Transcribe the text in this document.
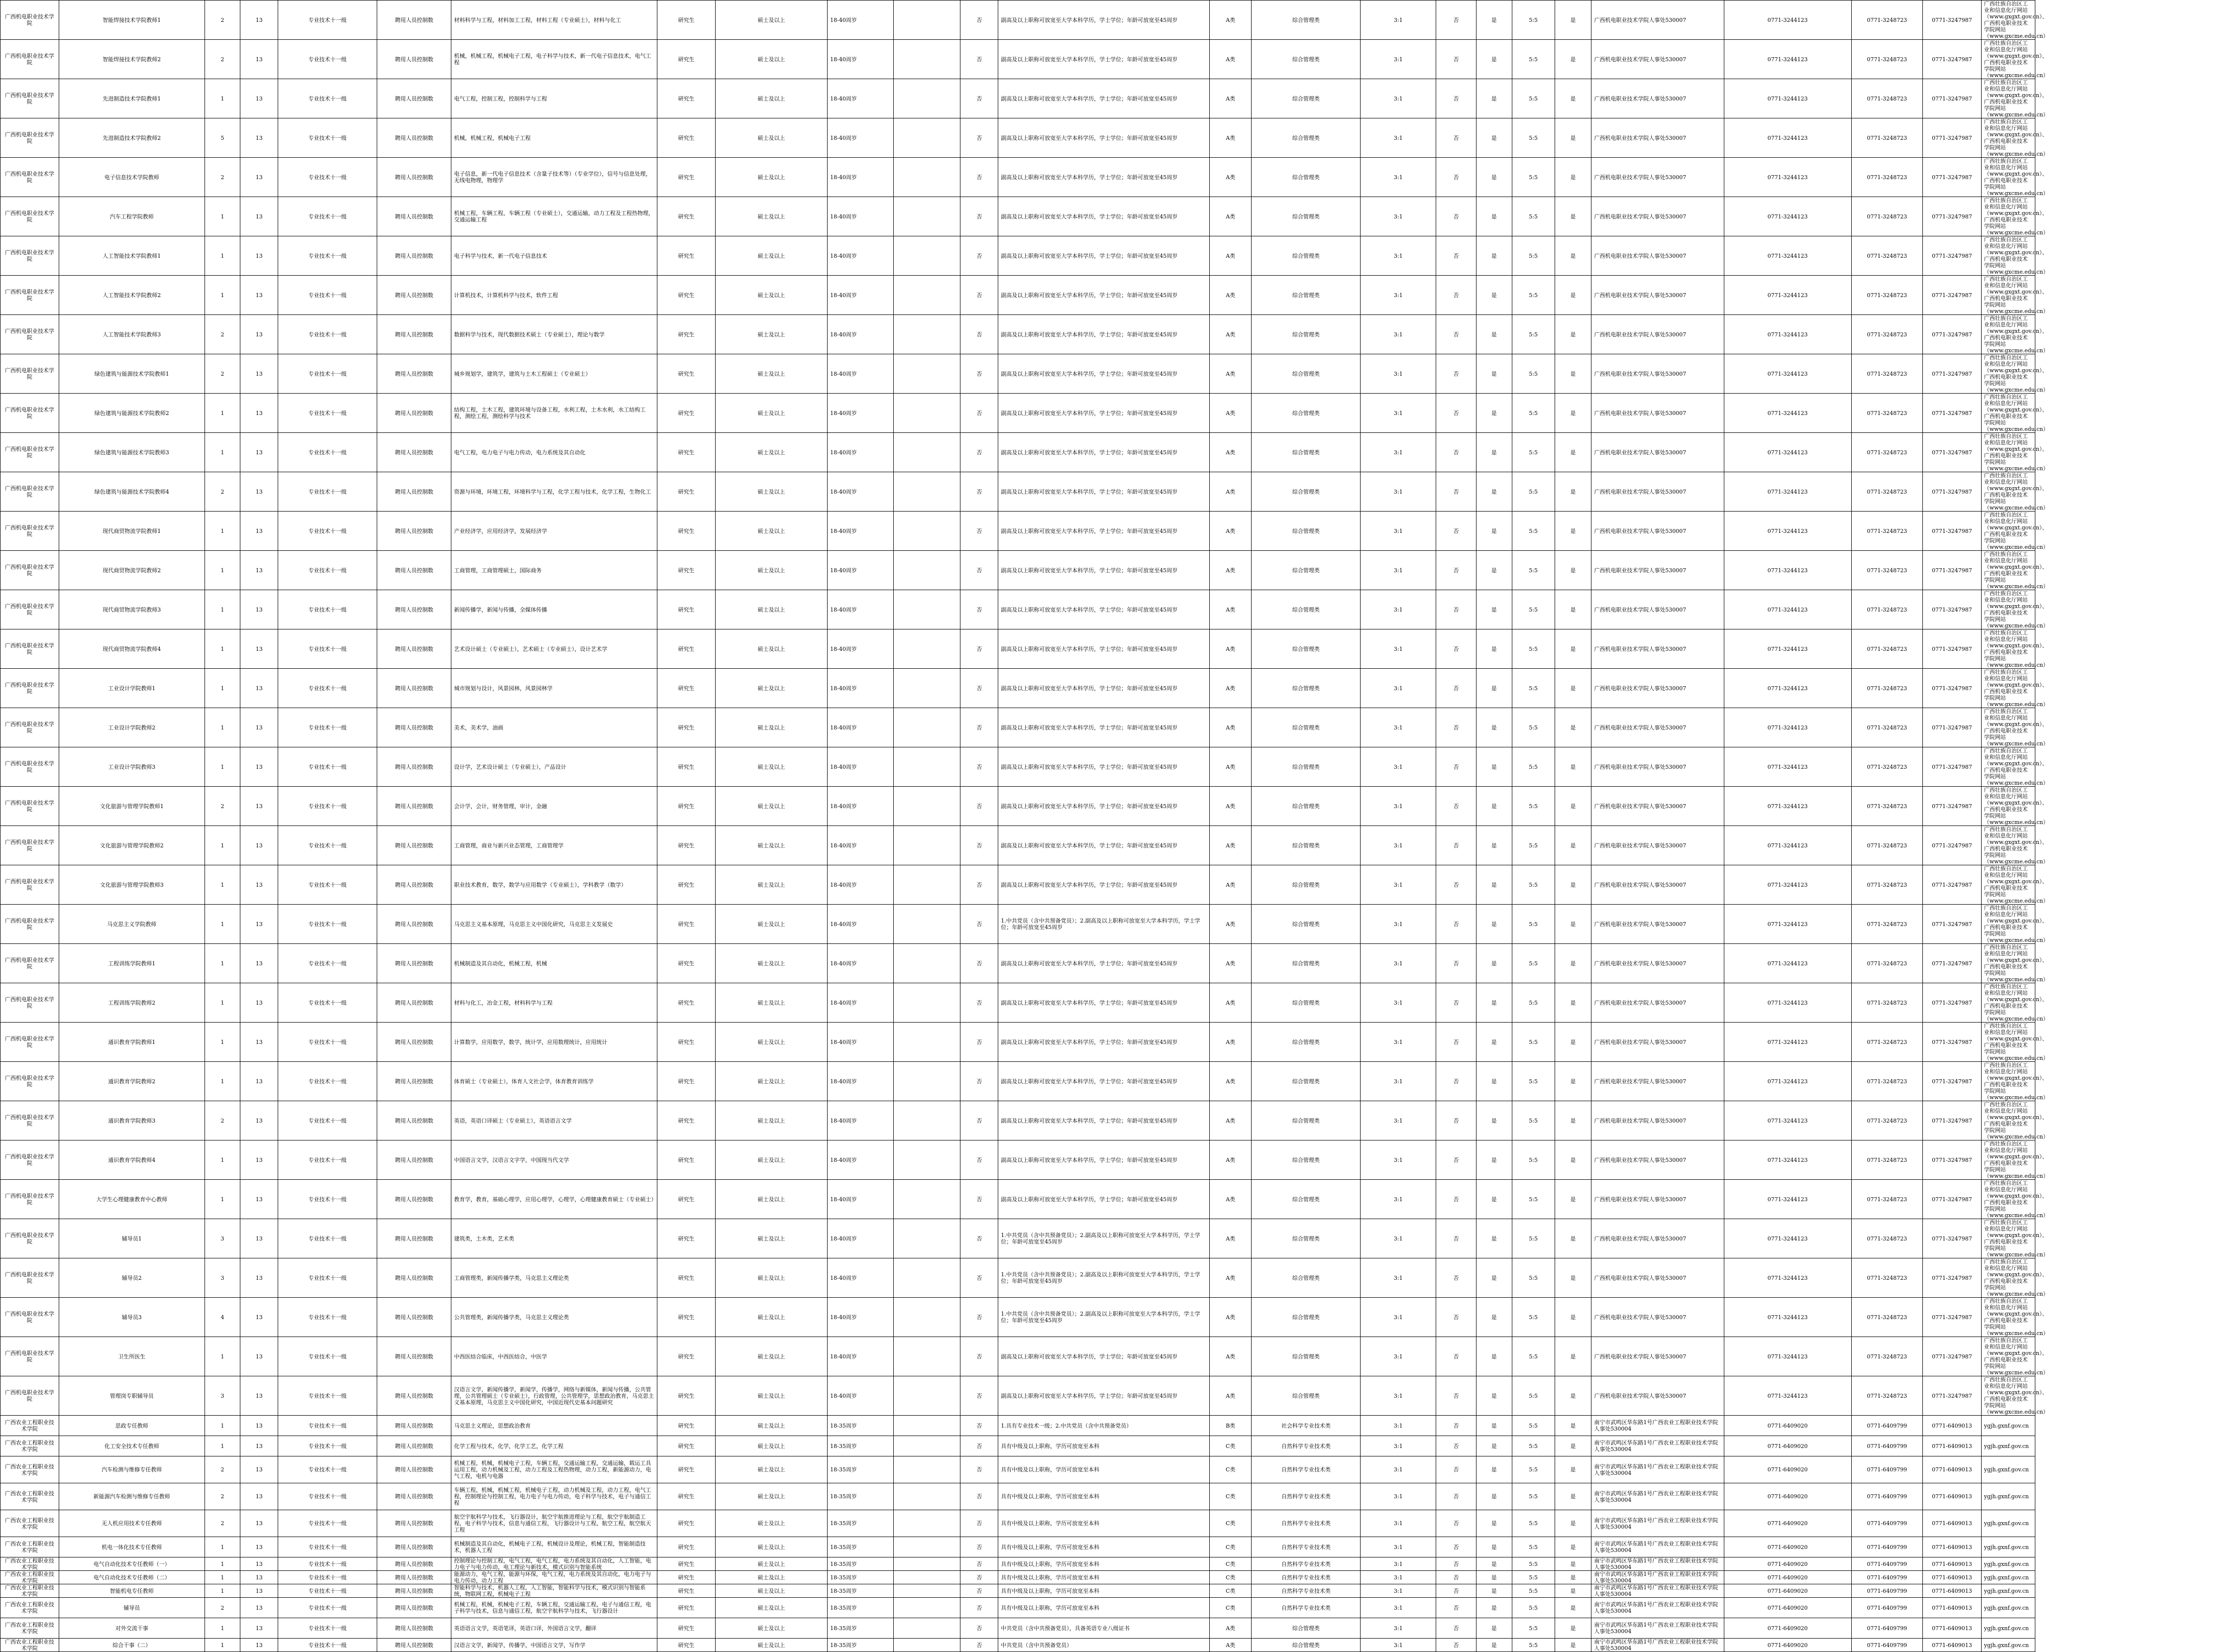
广西机电职业技术学院	智能焊接技术学院教师1	2	13	专业技术十一级	聘用人员控制数	材料科学与工程，材料加工工程，材料工程（专业硕士），材料与化工	研究生	硕士及以上	18-40周岁		否	副高及以上职称可放宽至大学本科学历，学士学位；年龄可放宽至45周岁	A类	综合管理类	3:1	否	是	5:5	是	广西机电职业技术学院人事处530007	0771-3244123	0771-3248723	0771-3247987	广西壮族自治区工业和信息化厅网站（www.gxgxt.gov.cn）、广西机电职业技术学院网站（www.gxcme.edu.cn）
广西机电职业技术学院	智能焊接技术学院教师2	2	13	专业技术十一级	聘用人员控制数	机械，机械工程，机械电子工程，电子科学与技术，新一代电子信息技术，电气工程	研究生	硕士及以上	18-40周岁		否	副高及以上职称可放宽至大学本科学历，学士学位；年龄可放宽至45周岁	A类	综合管理类	3:1	否	是	5:5	是	广西机电职业技术学院人事处530007	0771-3244123	0771-3248723	0771-3247987	广西壮族自治区工业和信息化厅网站（www.gxgxt.gov.cn）、广西机电职业技术学院网站（www.gxcme.edu.cn）
广西机电职业技术学院	先进制造技术学院教师1	1	13	专业技术十一级	聘用人员控制数	电气工程，控制工程，控制科学与工程	研究生	硕士及以上	18-40周岁		否	副高及以上职称可放宽至大学本科学历，学士学位；年龄可放宽至45周岁	A类	综合管理类	3:1	否	是	5:5	是	广西机电职业技术学院人事处530007	0771-3244123	0771-3248723	0771-3247987	广西壮族自治区工业和信息化厅网站（www.gxgxt.gov.cn）、广西机电职业技术学院网站（www.gxcme.edu.cn）
广西机电职业技术学院	先进制造技术学院教师2	5	13	专业技术十一级	聘用人员控制数	机械，机械工程，机械电子工程	研究生	硕士及以上	18-40周岁		否	副高及以上职称可放宽至大学本科学历，学士学位；年龄可放宽至45周岁	A类	综合管理类	3:1	否	是	5:5	是	广西机电职业技术学院人事处530007	0771-3244123	0771-3248723	0771-3247987	广西壮族自治区工业和信息化厅网站（www.gxgxt.gov.cn）、广西机电职业技术学院网站（www.gxcme.edu.cn）
广西机电职业技术学院	电子信息技术学院教师	2	13	专业技术十一级	聘用人员控制数	电子信息，新一代电子信息技术（含量子技术等）（专业学位），信号与信息处理，无线电物理，物理学	研究生	硕士及以上	18-40周岁		否	副高及以上职称可放宽至大学本科学历，学士学位；年龄可放宽至45周岁	A类	综合管理类	3:1	否	是	5:5	是	广西机电职业技术学院人事处530007	0771-3244123	0771-3248723	0771-3247987	广西壮族自治区工业和信息化厅网站（www.gxgxt.gov.cn）、广西机电职业技术学院网站（www.gxcme.edu.cn）
广西机电职业技术学院	汽车工程学院教师	1	13	专业技术十一级	聘用人员控制数	机械工程，车辆工程，车辆工程（专业硕士），交通运输，动力工程及工程热物理，交通运输工程	研究生	硕士及以上	18-40周岁		否	副高及以上职称可放宽至大学本科学历，学士学位；年龄可放宽至45周岁	A类	综合管理类	3:1	否	是	5:5	是	广西机电职业技术学院人事处530007	0771-3244123	0771-3248723	0771-3247987	广西壮族自治区工业和信息化厅网站（www.gxgxt.gov.cn）、广西机电职业技术学院网站（www.gxcme.edu.cn）
广西机电职业技术学院	人工智能技术学院教师1	1	13	专业技术十一级	聘用人员控制数	电子科学与技术，新一代电子信息技术	研究生	硕士及以上	18-40周岁		否	副高及以上职称可放宽至大学本科学历，学士学位；年龄可放宽至45周岁	A类	综合管理类	3:1	否	是	5:5	是	广西机电职业技术学院人事处530007	0771-3244123	0771-3248723	0771-3247987	广西壮族自治区工业和信息化厅网站（www.gxgxt.gov.cn）、广西机电职业技术学院网站（www.gxcme.edu.cn）
广西机电职业技术学院	人工智能技术学院教师2	1	13	专业技术十一级	聘用人员控制数	计算机技术，计算机科学与技术，软件工程	研究生	硕士及以上	18-40周岁		否	副高及以上职称可放宽至大学本科学历，学士学位；年龄可放宽至45周岁	A类	综合管理类	3:1	否	是	5:5	是	广西机电职业技术学院人事处530007	0771-3244123	0771-3248723	0771-3247987	广西壮族自治区工业和信息化厅网站（www.gxgxt.gov.cn）、广西机电职业技术学院网站（www.gxcme.edu.cn）
广西机电职业技术学院	人工智能技术学院教师3	2	13	专业技术十一级	聘用人员控制数	数据科学与技术，现代数据技术硕士（专业硕士），理论与数学	研究生	硕士及以上	18-40周岁		否	副高及以上职称可放宽至大学本科学历，学士学位；年龄可放宽至45周岁	A类	综合管理类	3:1	否	是	5:5	是	广西机电职业技术学院人事处530007	0771-3244123	0771-3248723	0771-3247987	广西壮族自治区工业和信息化厅网站（www.gxgxt.gov.cn）、广西机电职业技术学院网站（www.gxcme.edu.cn）
广西机电职业技术学院	绿色建筑与能源技术学院教师1	2	13	专业技术十一级	聘用人员控制数	城乡规划学，建筑学，建筑与土木工程硕士（专业硕士）	研究生	硕士及以上	18-40周岁		否	副高及以上职称可放宽至大学本科学历，学士学位；年龄可放宽至45周岁	A类	综合管理类	3:1	否	是	5:5	是	广西机电职业技术学院人事处530007	0771-3244123	0771-3248723	0771-3247987	广西壮族自治区工业和信息化厅网站（www.gxgxt.gov.cn）、广西机电职业技术学院网站（www.gxcme.edu.cn）
广西机电职业技术学院	绿色建筑与能源技术学院教师2	1	13	专业技术十一级	聘用人员控制数	结构工程，土木工程，建筑环境与设备工程，水利工程，土木水利，水工结构工程，测绘工程，测绘科学与技术	研究生	硕士及以上	18-40周岁		否	副高及以上职称可放宽至大学本科学历，学士学位；年龄可放宽至45周岁	A类	综合管理类	3:1	否	是	5:5	是	广西机电职业技术学院人事处530007	0771-3244123	0771-3248723	0771-3247987	广西壮族自治区工业和信息化厅网站（www.gxgxt.gov.cn）、广西机电职业技术学院网站（www.gxcme.edu.cn）
广西机电职业技术学院	绿色建筑与能源技术学院教师3	1	13	专业技术十一级	聘用人员控制数	电气工程，电力电子与电力传动，电力系统及其自动化	研究生	硕士及以上	18-40周岁		否	副高及以上职称可放宽至大学本科学历，学士学位；年龄可放宽至45周岁	A类	综合管理类	3:1	否	是	5:5	是	广西机电职业技术学院人事处530007	0771-3244123	0771-3248723	0771-3247987	广西壮族自治区工业和信息化厅网站（www.gxgxt.gov.cn）、广西机电职业技术学院网站（www.gxcme.edu.cn）
广西机电职业技术学院	绿色建筑与能源技术学院教师4	2	13	专业技术十一级	聘用人员控制数	资源与环境，环境工程，环境科学与工程，化学工程与技术，化学工程，生物化工	研究生	硕士及以上	18-40周岁		否	副高及以上职称可放宽至大学本科学历，学士学位；年龄可放宽至45周岁	A类	综合管理类	3:1	否	是	5:5	是	广西机电职业技术学院人事处530007	0771-3244123	0771-3248723	0771-3247987	广西壮族自治区工业和信息化厅网站（www.gxgxt.gov.cn）、广西机电职业技术学院网站（www.gxcme.edu.cn）
广西机电职业技术学院	现代商贸物流学院教师1	1	13	专业技术十一级	聘用人员控制数	产业经济学，应用经济学，发展经济学	研究生	硕士及以上	18-40周岁		否	副高及以上职称可放宽至大学本科学历，学士学位；年龄可放宽至45周岁	A类	综合管理类	3:1	否	是	5:5	是	广西机电职业技术学院人事处530007	0771-3244123	0771-3248723	0771-3247987	广西壮族自治区工业和信息化厅网站（www.gxgxt.gov.cn）、广西机电职业技术学院网站（www.gxcme.edu.cn）
广西机电职业技术学院	现代商贸物流学院教师2	1	13	专业技术十一级	聘用人员控制数	工商管理，工商管理硕士，国际商务	研究生	硕士及以上	18-40周岁		否	副高及以上职称可放宽至大学本科学历，学士学位；年龄可放宽至45周岁	A类	综合管理类	3:1	否	是	5:5	是	广西机电职业技术学院人事处530007	0771-3244123	0771-3248723	0771-3247987	广西壮族自治区工业和信息化厅网站（www.gxgxt.gov.cn）、广西机电职业技术学院网站（www.gxcme.edu.cn）
广西机电职业技术学院	现代商贸物流学院教师3	1	13	专业技术十一级	聘用人员控制数	新闻传播学，新闻与传播，全媒体传播	研究生	硕士及以上	18-40周岁		否	副高及以上职称可放宽至大学本科学历，学士学位；年龄可放宽至45周岁	A类	综合管理类	3:1	否	是	5:5	是	广西机电职业技术学院人事处530007	0771-3244123	0771-3248723	0771-3247987	广西壮族自治区工业和信息化厅网站（www.gxgxt.gov.cn）、广西机电职业技术学院网站（www.gxcme.edu.cn）
广西机电职业技术学院	现代商贸物流学院教师4	1	13	专业技术十一级	聘用人员控制数	艺术设计硕士（专业硕士），艺术硕士（专业硕士），设计艺术学	研究生	硕士及以上	18-40周岁		否	副高及以上职称可放宽至大学本科学历，学士学位；年龄可放宽至45周岁	A类	综合管理类	3:1	否	是	5:5	是	广西机电职业技术学院人事处530007	0771-3244123	0771-3248723	0771-3247987	广西壮族自治区工业和信息化厅网站（www.gxgxt.gov.cn）、广西机电职业技术学院网站（www.gxcme.edu.cn）
广西机电职业技术学院	工业设计学院教师1	1	13	专业技术十一级	聘用人员控制数	城市规划与设计，风景园林，风景园林学	研究生	硕士及以上	18-40周岁		否	副高及以上职称可放宽至大学本科学历，学士学位；年龄可放宽至45周岁	A类	综合管理类	3:1	否	是	5:5	是	广西机电职业技术学院人事处530007	0771-3244123	0771-3248723	0771-3247987	广西壮族自治区工业和信息化厅网站（www.gxgxt.gov.cn）、广西机电职业技术学院网站（www.gxcme.edu.cn）
广西机电职业技术学院	工业设计学院教师2	1	13	专业技术十一级	聘用人员控制数	美术，美术学，油画	研究生	硕士及以上	18-40周岁		否	副高及以上职称可放宽至大学本科学历，学士学位；年龄可放宽至45周岁	A类	综合管理类	3:1	否	是	5:5	是	广西机电职业技术学院人事处530007	0771-3244123	0771-3248723	0771-3247987	广西壮族自治区工业和信息化厅网站（www.gxgxt.gov.cn）、广西机电职业技术学院网站（www.gxcme.edu.cn）
广西机电职业技术学院	工业设计学院教师3	1	13	专业技术十一级	聘用人员控制数	设计学，艺术设计硕士（专业硕士），产品设计	研究生	硕士及以上	18-40周岁		否	副高及以上职称可放宽至大学本科学历，学士学位；年龄可放宽至45周岁	A类	综合管理类	3:1	否	是	5:5	是	广西机电职业技术学院人事处530007	0771-3244123	0771-3248723	0771-3247987	广西壮族自治区工业和信息化厅网站（www.gxgxt.gov.cn）、广西机电职业技术学院网站（www.gxcme.edu.cn）
广西机电职业技术学院	文化旅游与管理学院教师1	2	13	专业技术十一级	聘用人员控制数	会计学，会计，财务管理，审计，金融	研究生	硕士及以上	18-40周岁		否	副高及以上职称可放宽至大学本科学历，学士学位；年龄可放宽至45周岁	A类	综合管理类	3:1	否	是	5:5	是	广西机电职业技术学院人事处530007	0771-3244123	0771-3248723	0771-3247987	广西壮族自治区工业和信息化厅网站（www.gxgxt.gov.cn）、广西机电职业技术学院网站（www.gxcme.edu.cn）
广西机电职业技术学院	文化旅游与管理学院教师2	1	13	专业技术十一级	聘用人员控制数	工商管理，商业与新兴业态管理，工商管理学	研究生	硕士及以上	18-40周岁		否	副高及以上职称可放宽至大学本科学历，学士学位；年龄可放宽至45周岁	A类	综合管理类	3:1	否	是	5:5	是	广西机电职业技术学院人事处530007	0771-3244123	0771-3248723	0771-3247987	广西壮族自治区工业和信息化厅网站（www.gxgxt.gov.cn）、广西机电职业技术学院网站（www.gxcme.edu.cn）
广西机电职业技术学院	文化旅游与管理学院教师3	1	13	专业技术十一级	聘用人员控制数	职业技术教育，数学，数学与应用数学（专业硕士），学科教学（数学）	研究生	硕士及以上	18-40周岁		否	副高及以上职称可放宽至大学本科学历，学士学位；年龄可放宽至45周岁	A类	综合管理类	3:1	否	是	5:5	是	广西机电职业技术学院人事处530007	0771-3244123	0771-3248723	0771-3247987	广西壮族自治区工业和信息化厅网站（www.gxgxt.gov.cn）、广西机电职业技术学院网站（www.gxcme.edu.cn）
广西机电职业技术学院	马克思主义学院教师	1	13	专业技术十一级	聘用人员控制数	马克思主义基本原理，马克思主义中国化研究，马克思主义发展史	研究生	硕士及以上	18-40周岁		否	1.中共党员（含中共预备党员）；2.副高及以上职称可放宽至大学本科学历，学士学位；年龄可放宽至45周岁	A类	综合管理类	3:1	否	是	5:5	是	广西机电职业技术学院人事处530007	0771-3244123	0771-3248723	0771-3247987	广西壮族自治区工业和信息化厅网站（www.gxgxt.gov.cn）、广西机电职业技术学院网站（www.gxcme.edu.cn）
广西机电职业技术学院	工程训练学院教师1	1	13	专业技术十一级	聘用人员控制数	机械制造及其自动化，机械工程，机械	研究生	硕士及以上	18-40周岁		否	副高及以上职称可放宽至大学本科学历，学士学位；年龄可放宽至45周岁	A类	综合管理类	3:1	否	是	5:5	是	广西机电职业技术学院人事处530007	0771-3244123	0771-3248723	0771-3247987	广西壮族自治区工业和信息化厅网站（www.gxgxt.gov.cn）、广西机电职业技术学院网站（www.gxcme.edu.cn）
广西机电职业技术学院	工程训练学院教师2	1	13	专业技术十一级	聘用人员控制数	材料与化工，冶金工程，材料科学与工程	研究生	硕士及以上	18-40周岁		否	副高及以上职称可放宽至大学本科学历，学士学位；年龄可放宽至45周岁	A类	综合管理类	3:1	否	是	5:5	是	广西机电职业技术学院人事处530007	0771-3244123	0771-3248723	0771-3247987	广西壮族自治区工业和信息化厅网站（www.gxgxt.gov.cn）、广西机电职业技术学院网站（www.gxcme.edu.cn）
广西机电职业技术学院	通识教育学院教师1	1	13	专业技术十一级	聘用人员控制数	计算数学，应用数学，数学，统计学，应用数理统计，应用统计	研究生	硕士及以上	18-40周岁		否	副高及以上职称可放宽至大学本科学历，学士学位；年龄可放宽至45周岁	A类	综合管理类	3:1	否	是	5:5	是	广西机电职业技术学院人事处530007	0771-3244123	0771-3248723	0771-3247987	广西壮族自治区工业和信息化厅网站（www.gxgxt.gov.cn）、广西机电职业技术学院网站（www.gxcme.edu.cn）
广西机电职业技术学院	通识教育学院教师2	1	13	专业技术十一级	聘用人员控制数	体育硕士（专业硕士），体育人文社会学，体育教育训练学	研究生	硕士及以上	18-40周岁		否	副高及以上职称可放宽至大学本科学历，学士学位；年龄可放宽至45周岁	A类	综合管理类	3:1	否	是	5:5	是	广西机电职业技术学院人事处530007	0771-3244123	0771-3248723	0771-3247987	广西壮族自治区工业和信息化厅网站（www.gxgxt.gov.cn）、广西机电职业技术学院网站（www.gxcme.edu.cn）
广西机电职业技术学院	通识教育学院教师3	2	13	专业技术十一级	聘用人员控制数	英语，英语口译硕士（专业硕士），英语语言文学	研究生	硕士及以上	18-40周岁		否	副高及以上职称可放宽至大学本科学历，学士学位；年龄可放宽至45周岁	A类	综合管理类	3:1	否	是	5:5	是	广西机电职业技术学院人事处530007	0771-3244123	0771-3248723	0771-3247987	广西壮族自治区工业和信息化厅网站（www.gxgxt.gov.cn）、广西机电职业技术学院网站（www.gxcme.edu.cn）
广西机电职业技术学院	通识教育学院教师4	1	13	专业技术十一级	聘用人员控制数	中国语言文学，汉语言文字学，中国现当代文学	研究生	硕士及以上	18-40周岁		否	副高及以上职称可放宽至大学本科学历，学士学位；年龄可放宽至45周岁	A类	综合管理类	3:1	否	是	5:5	是	广西机电职业技术学院人事处530007	0771-3244123	0771-3248723	0771-3247987	广西壮族自治区工业和信息化厅网站（www.gxgxt.gov.cn）、广西机电职业技术学院网站（www.gxcme.edu.cn）
广西机电职业技术学院	大学生心理健康教育中心教师	1	13	专业技术十一级	聘用人员控制数	教育学，教育，基础心理学，应用心理学，心理学，心理健康教育硕士（专业硕士）	研究生	硕士及以上	18-40周岁		否	副高及以上职称可放宽至大学本科学历，学士学位；年龄可放宽至45周岁	A类	综合管理类	3:1	否	是	5:5	是	广西机电职业技术学院人事处530007	0771-3244123	0771-3248723	0771-3247987	广西壮族自治区工业和信息化厅网站（www.gxgxt.gov.cn）、广西机电职业技术学院网站（www.gxcme.edu.cn）
广西机电职业技术学院	辅导员1	3	13	专业技术十一级	聘用人员控制数	建筑类，土木类，艺术类	研究生	硕士及以上	18-40周岁		否	1.中共党员（含中共预备党员）；2.副高及以上职称可放宽至大学本科学历，学士学位；年龄可放宽至45周岁	A类	综合管理类	3:1	否	是	5:5	是	广西机电职业技术学院人事处530007	0771-3244123	0771-3248723	0771-3247987	广西壮族自治区工业和信息化厅网站（www.gxgxt.gov.cn）、广西机电职业技术学院网站（www.gxcme.edu.cn）
广西机电职业技术学院	辅导员2	3	13	专业技术十一级	聘用人员控制数	工商管理类，新闻传播学类，马克思主义理论类	研究生	硕士及以上	18-40周岁		否	1.中共党员（含中共预备党员）；2.副高及以上职称可放宽至大学本科学历，学士学位；年龄可放宽至45周岁	A类	综合管理类	3:1	否	是	5:5	是	广西机电职业技术学院人事处530007	0771-3244123	0771-3248723	0771-3247987	广西壮族自治区工业和信息化厅网站（www.gxgxt.gov.cn）、广西机电职业技术学院网站（www.gxcme.edu.cn）
广西机电职业技术学院	辅导员3	4	13	专业技术十一级	聘用人员控制数	公共管理类，新闻传播学类，马克思主义理论类	研究生	硕士及以上	18-40周岁		否	1.中共党员（含中共预备党员）；2.副高及以上职称可放宽至大学本科学历，学士学位；年龄可放宽至45周岁	A类	综合管理类	3:1	否	是	5:5	是	广西机电职业技术学院人事处530007	0771-3244123	0771-3248723	0771-3247987	广西壮族自治区工业和信息化厅网站（www.gxgxt.gov.cn）、广西机电职业技术学院网站（www.gxcme.edu.cn）
广西机电职业技术学院	卫生所医生	1	13	专业技术十一级	聘用人员控制数	中西医结合临床，中西医结合，中医学	研究生	硕士及以上	18-40周岁		否	副高及以上职称可放宽至大学本科学历，学士学位；年龄可放宽至45周岁	A类	综合管理类	3:1	否	是	5:5	是	广西机电职业技术学院人事处530007	0771-3244123	0771-3248723	0771-3247987	广西壮族自治区工业和信息化厅网站（www.gxgxt.gov.cn）、广西机电职业技术学院网站（www.gxcme.edu.cn）
广西机电职业技术学院	管理岗专职辅导员	3	13	专业技术十一级	聘用人员控制数	汉语言文学，新闻传播学，新闻学，传播学，网络与新媒体，新闻与传播，公共管理，公共管理硕士（专业硕士），行政管理，公共管理学，思想政治教育，马克思主义基本原理，马克思主义中国化研究，中国近现代史基本问题研究	研究生	硕士及以上	18-40周岁		否	副高及以上职称可放宽至大学本科学历，学士学位；年龄可放宽至45周岁	A类	综合管理类	3:1	否	是	5:5	是	广西机电职业技术学院人事处530007	0771-3244123	0771-3248723	0771-3247987	广西壮族自治区工业和信息化厅网站（www.gxgxt.gov.cn）、广西机电职业技术学院网站（www.gxcme.edu.cn）
广西农业工程职业技术学院	思政专任教师	1	13	专业技术十一级	聘用人员控制数	马克思主义理论，思想政治教育	研究生	硕士及以上	18-35周岁		否	1.具有专业技术一级；2.中共党员（含中共预备党员）	B类	社会科学专业技术类	3:1	否	是	5:5	是	南宁市武鸣区华东路1号广西农业工程职业技术学院人事处530004	0771-6409020	0771-6409799	0771-6409013	ygjh.gxnf.gov.cn
广西农业工程职业技术学院	化工安全技术专任教师	1	13	专业技术十一级	聘用人员控制数	化学工程与技术，化学，化学工艺，化学工程	研究生	硕士及以上	18-35周岁		否	具有中级及以上职称，学历可放宽至本科	C类	自然科学专业技术类	3:1	否	是	5:5	是	南宁市武鸣区华东路1号广西农业工程职业技术学院人事处530004	0771-6409020	0771-6409799	0771-6409013	ygjh.gxnf.gov.cn
广西农业工程职业技术学院	汽车检测与维修专任教师	2	13	专业技术十一级	聘用人员控制数	机械工程，机械，机械电子工程，车辆工程，交通运输工程，交通运输，载运工具运用工程，动力机械及工程，动力工程及工程热物理，动力工程，新能源动力，电气工程，电机与电器	研究生	硕士及以上	18-35周岁		否	具有中级及以上职称，学历可放宽至本科	C类	自然科学专业技术类	3:1	否	是	5:5	是	南宁市武鸣区华东路1号广西农业工程职业技术学院人事处530004	0771-6409020	0771-6409799	0771-6409013	ygjh.gxnf.gov.cn
广西农业工程职业技术学院	新能源汽车检测与维修专任教师	2	13	专业技术十一级	聘用人员控制数	车辆工程，机械，机械工程，机械电子工程，动力机械及工程，动力工程，电气工程，控制理论与控制工程，电力电子与电力传动，电子科学与技术，电子与通信工程	研究生	硕士及以上	18-35周岁		否	具有中级及以上职称，学历可放宽至本科	C类	自然科学专业技术类	3:1	否	是	5:5	是	南宁市武鸣区华东路1号广西农业工程职业技术学院人事处530004	0771-6409020	0771-6409799	0771-6409013	ygjh.gxnf.gov.cn
广西农业工程职业技术学院	无人机应用技术专任教师	2	13	专业技术十一级	聘用人员控制数	航空宇航科学与技术，飞行器设计，航空宇航推进理论与工程，航空宇航制造工程，电子科学与技术，信息与通信工程，飞行器设计与工程，航空工程，航空航天工程	研究生	硕士及以上	18-35周岁		否	具有中级及以上职称，学历可放宽至本科	C类	自然科学专业技术类	3:1	否	是	5:5	是	南宁市武鸣区华东路1号广西农业工程职业技术学院人事处530004	0771-6409020	0771-6409799	0771-6409013	ygjh.gxnf.gov.cn
广西农业工程职业技术学院	机电一体化技术专任教师	1	13	专业技术十一级	聘用人员控制数	机械制造及其自动化，机械电子工程，机械设计及理论，机械工程，智能制造技术，机器人工程	研究生	硕士及以上	18-35周岁		否	具有中级及以上职称，学历可放宽至本科	C类	自然科学专业技术类	3:1	否	是	5:5	是	南宁市武鸣区华东路1号广西农业工程职业技术学院人事处530004	0771-6409020	0771-6409799	0771-6409013	ygjh.gxnf.gov.cn
广西农业工程职业技术学院	电气自动化技术专任教师（一）	1	13	专业技术十一级	聘用人员控制数	控制理论与控制工程，电气工程，电气工程，电力系统及其自动化，人工智能，电力电子与电力传动，电工理论与新技术，模式识别与智能系统	研究生	硕士及以上	18-35周岁		否	具有中级及以上职称，学历可放宽至本科	C类	自然科学专业技术类	3:1	否	是	5:5	是	南宁市武鸣区华东路1号广西农业工程职业技术学院人事处530004	0771-6409020	0771-6409799	0771-6409013	ygjh.gxnf.gov.cn
广西农业工程职业技术学院	电气自动化技术专任教师（二）	1	13	专业技术十一级	聘用人员控制数	能源动力，电气工程，能源与环保，电气工程，电力系统及其自动化，电力电子与电力传动，动力工程	研究生	硕士及以上	18-35周岁		否	具有中级及以上职称，学历可放宽至本科	C类	自然科学专业技术类	3:1	否	是	5:5	是	南宁市武鸣区华东路1号广西农业工程职业技术学院人事处530004	0771-6409020	0771-6409799	0771-6409013	ygjh.gxnf.gov.cn
广西农业工程职业技术学院	智能机电专任教师	1	13	专业技术十一级	聘用人员控制数	智能科学与技术，机器人工程，人工智能，智能科学与技术，模式识别与智能系统，物联网工程，机械电子工程	研究生	硕士及以上	18-35周岁		否	具有中级及以上职称，学历可放宽至本科	C类	自然科学专业技术类	3:1	否	是	5:5	是	南宁市武鸣区华东路1号广西农业工程职业技术学院人事处530004	0771-6409020	0771-6409799	0771-6409013	ygjh.gxnf.gov.cn
广西农业工程职业技术学院	辅导员	2	13	专业技术十一级	聘用人员控制数	机械工程，机械，机械电子工程，车辆工程，交通运输工程，电子与通信工程，电子科学与技术，信息与通信工程，航空宇航科学与技术，飞行器设计	研究生	硕士及以上	18-35周岁		否	具有中级及以上职称，学历可放宽至本科	C类	自然科学专业技术类	3:1	否	是	5:5	是	南宁市武鸣区华东路1号广西农业工程职业技术学院人事处530004	0771-6409020	0771-6409799	0771-6409013	ygjh.gxnf.gov.cn
广西农业工程职业技术学院	对外交流干事	1	13	专业技术十一级	聘用人员控制数	英语语言文学，英语笔译，英语口译，外国语言文学，翻译	研究生	硕士及以上	18-35周岁		否	中共党员（含中共预备党员），具备英语专业八级证书	A类	综合管理类	3:1	否	是	5:5	是	南宁市武鸣区华东路1号广西农业工程职业技术学院人事处530004	0771-6409020	0771-6409799	0771-6409013	ygjh.gxnf.gov.cn
广西农业工程职业技术学院	综合干事（二）	1	13	专业技术十一级	聘用人员控制数	汉语言文学，新闻学，传播学，中国语言文学，写作学	研究生	硕士及以上	18-35周岁		否	中共党员（含中共预备党员）	A类	综合管理类	3:1	否	是	5:5	是	南宁市武鸣区华东路1号广西农业工程职业技术学院人事处530004	0771-6409020	0771-6409799	0771-6409013	ygjh.gxnf.gov.cn
